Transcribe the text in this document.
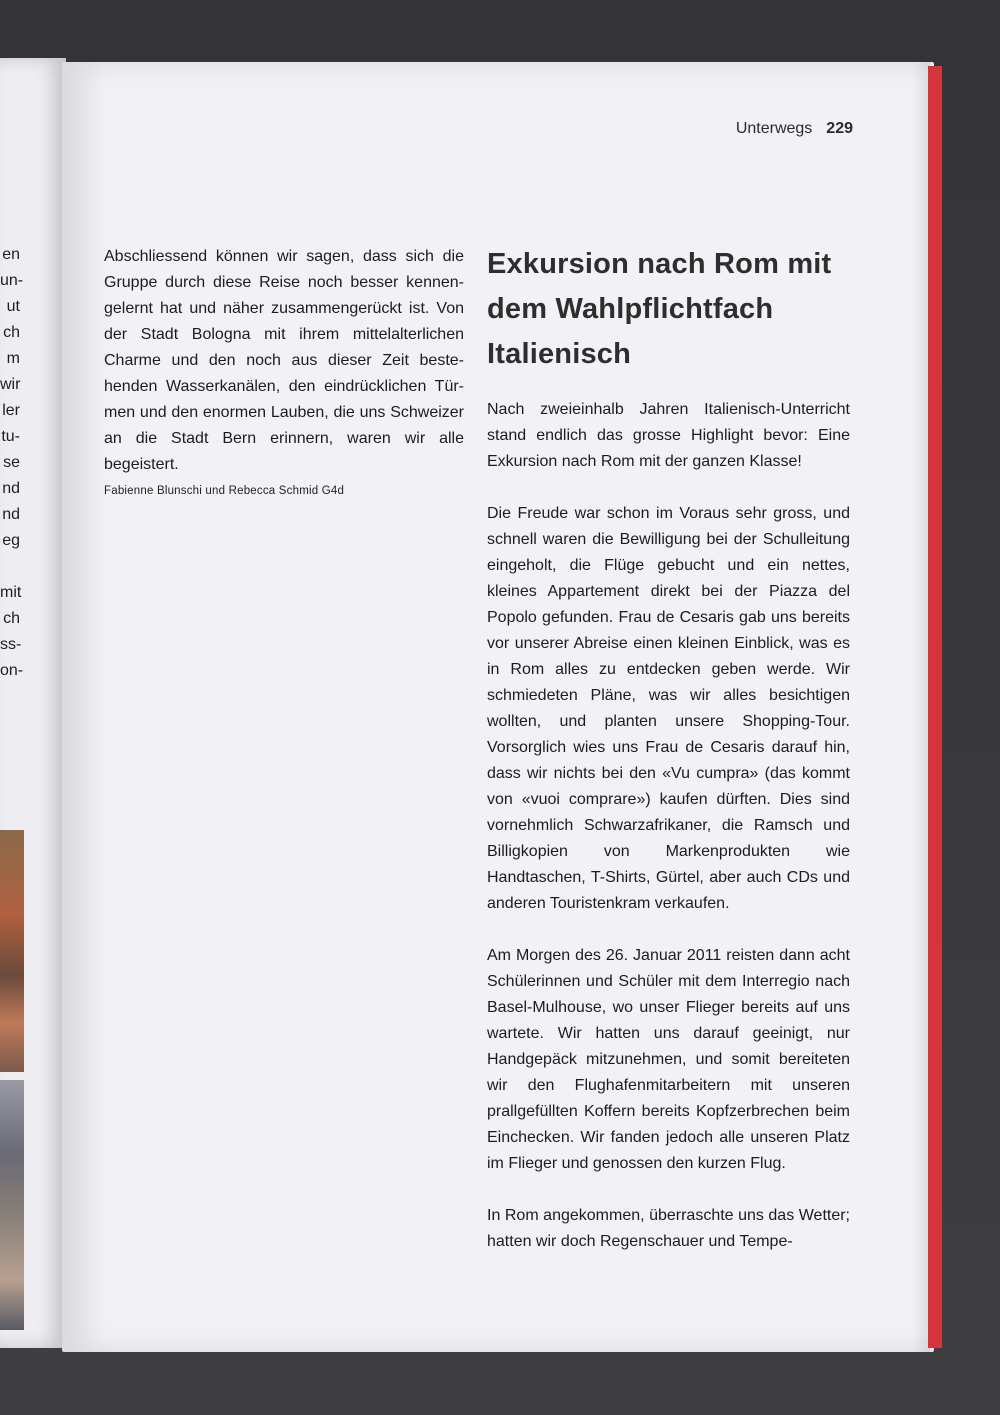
en
un-
ut
ch
m
wir
ler
tu-
se
nd
nd
eg
mit
ch
ss-
on-
Unterwegs 229

Abschliessend können wir sagen, dass sich die Gruppe durch diese Reise noch besser kennengelernt hat und näher zusammengerückt ist. Von der Stadt Bologna mit ihrem mittelalterlichen Charme und den noch aus dieser Zeit bestehenden Wasserkanälen, den eindrücklichen Türmen und den enormen Lauben, die uns Schweizer an die Stadt Bern erinnern, waren wir alle begeistert.

Fabienne Blunschi und Rebecca Schmid G4d
Exkursion nach Rom mit dem Wahlpflichtfach Italienisch

Nach zweieinhalb Jahren Italienisch-Unterricht stand endlich das grosse Highlight bevor: Eine Exkursion nach Rom mit der ganzen Klasse!

Die Freude war schon im Voraus sehr gross, und schnell waren die Bewilligung bei der Schulleitung eingeholt, die Flüge gebucht und ein nettes, kleines Appartement direkt bei der Piazza del Popolo gefunden. Frau de Cesaris gab uns bereits vor unserer Abreise einen kleinen Einblick, was es in Rom alles zu entdecken geben werde. Wir schmiedeten Pläne, was wir alles besichtigen wollten, und planten unsere Shopping-Tour. Vorsorglich wies uns Frau de Cesaris darauf hin, dass wir nichts bei den «Vu cumpra» (das kommt von «vuoi comprare») kaufen dürften. Dies sind vornehmlich Schwarzafrikaner, die Ramsch und Billigkopien von Markenprodukten wie Handtaschen, T-Shirts, Gürtel, aber auch CDs und anderen Touristenkram verkaufen.

Am Morgen des 26. Januar 2011 reisten dann acht Schülerinnen und Schüler mit dem Interregio nach Basel-Mulhouse, wo unser Flieger bereits auf uns wartete. Wir hatten uns darauf geeinigt, nur Handgepäck mitzunehmen, und somit bereiteten wir den Flughafenmitarbeitern mit unseren prallgefüllten Koffern bereits Kopfzerbrechen beim Einchecken. Wir fanden jedoch alle unseren Platz im Flieger und genossen den kurzen Flug.

In Rom angekommen, überraschte uns das Wetter; hatten wir doch Regenschauer und Tempe-
